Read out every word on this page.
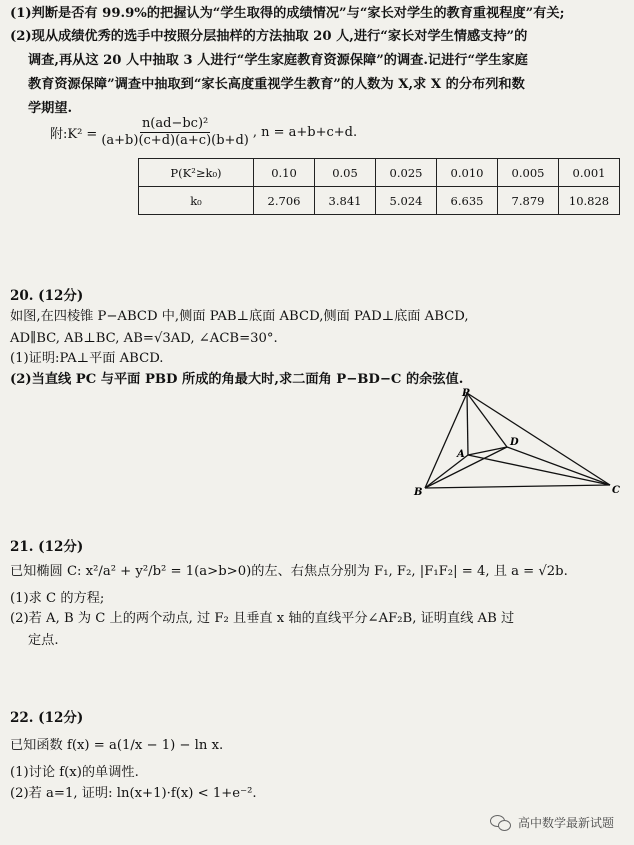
(1)判断是否有 99.9%的把握认为“学生取得的成绩情况”与“家长对学生的教育重视程度”有关;
(2)现从成绩优秀的选手中按照分层抽样的方法抽取 20 人,进行“家长对学生情感支持”的
调查,再从这 20 人中抽取 3 人进行“学生家庭教育资源保障”的调查.记进行“学生家庭
教育资源保障”调查中抽取到“家长高度重视学生教育”的人数为 X,求 X 的分布列和数
学期望.
附:K² = $\frac{\text{n(ad−bc)²}}{(a+b)(c+d)(a+c)(b+d)}$ , n = a+b+c+d.
P(K²≥k₀)	0.10	0.05	0.025	0.010	0.005	0.001
k₀	2.706	3.841	5.024	6.635	7.879	10.828
20. (12分)
如图,在四棱锥 P−ABCD 中,侧面 PAB⊥底面 ABCD,侧面 PAD⊥底面 ABCD,
AD∥BC, AB⊥BC, AB=√3AD, ∠ACB=30°.
(1)证明:PA⊥平面 ABCD.
(2)当直线 PC 与平面 PBD 所成的角最大时,求二面角 P−BD−C 的余弦值.
P
A
D
B	C
21. (12分)
已知椭圆 C: x²/a² + y²/b² = 1(a>b>0)的左、右焦点分别为 F₁, F₂, |F₁F₂| = 4, 且 a = √2b.
(1)求 C 的方程;
(2)若 A, B 为 C 上的两个动点, 过 F₂ 且垂直 x 轴的直线平分∠AF₂B, 证明直线 AB 过
定点.
22. (12分)
已知函数 f(x) = a(1/x − 1) − ln x.
(1)讨论 f(x)的单调性.
(2)若 a=1, 证明: ln(x+1)·f(x) < 1+e⁻².
高中数学最新试题
